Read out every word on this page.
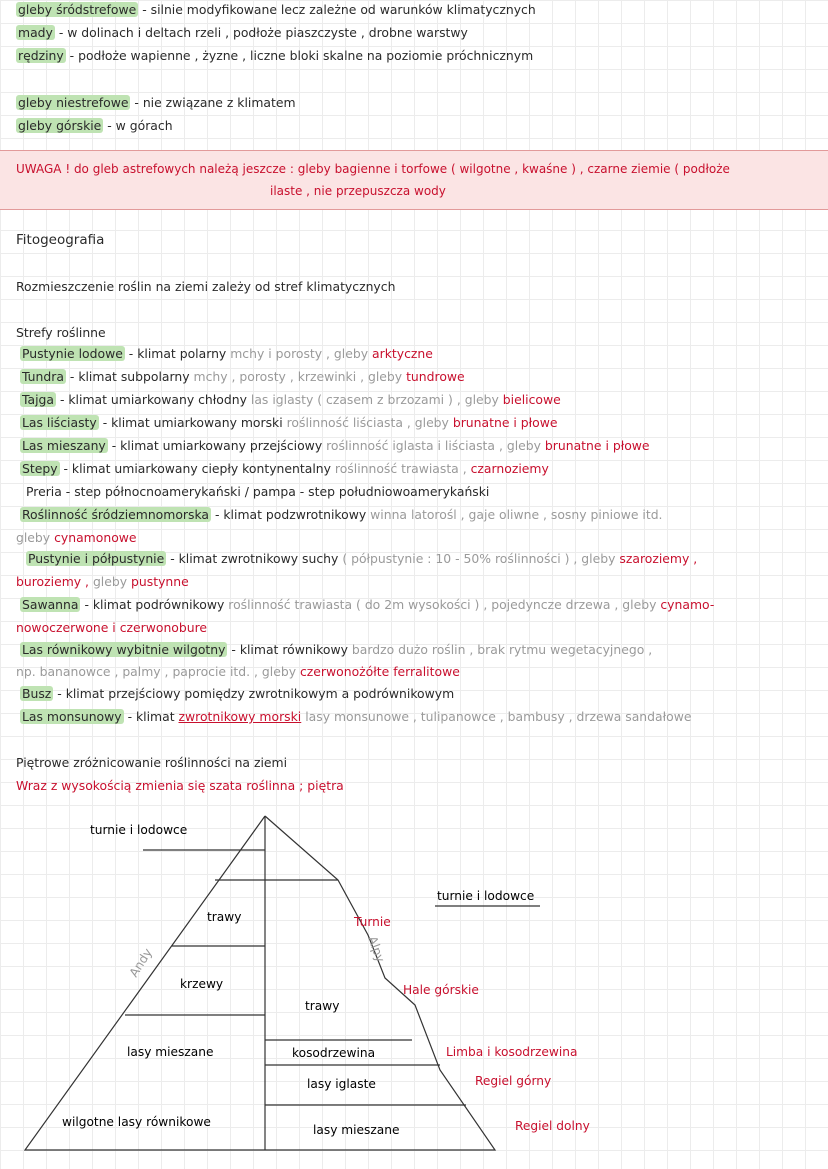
gleby śródstrefowe - silnie modyfikowane lecz zależne od warunków klimatycznych
mady - w dolinach i deltach rzeli , podłoże piaszczyste , drobne warstwy
rędziny - podłoże wapienne , żyzne , liczne bloki skalne na poziomie próchnicznym
gleby niestrefowe - nie związane z klimatem
gleby górskie - w górach
UWAGA ! do gleb astrefowych należą jeszcze : gleby bagienne i torfowe ( wilgotne , kwaśne ) , czarne ziemie ( podłoże
ilaste , nie przepuszcza wody
Fitogeografia
Rozmieszczenie roślin na ziemi zależy od stref klimatycznych
Strefy roślinne
Pustynie lodowe - klimat polarny mchy i porosty , gleby arktyczne
Tundra - klimat subpolarny mchy , porosty , krzewinki , gleby tundrowe
Tajga - klimat umiarkowany chłodny las iglasty ( czasem z brzozami ) , gleby bielicowe
Las liściasty - klimat umiarkowany morski roślinność liściasta , gleby brunatne i płowe
Las mieszany - klimat umiarkowany przejściowy roślinność iglasta i liściasta , gleby brunatne i płowe
Stepy - klimat umiarkowany ciepły kontynentalny roślinność trawiasta , czarnoziemy
Preria - step północnoamerykański / pampa - step południowoamerykański
Roślinność śródziemnomorska - klimat podzwrotnikowy winna latorośl , gaje oliwne , sosny piniowe itd.
gleby cynamonowe
Pustynie i półpustynie - klimat zwrotnikowy suchy ( półpustynie : 10 - 50% roślinności ) , gleby szaroziemy ,
buroziemy , gleby pustynne
Sawanna - klimat podrównikowy roślinność trawiasta ( do 2m wysokości ) , pojedyncze drzewa , gleby cynamo-
nowoczerwone i czerwonobure
Las równikowy wybitnie wilgotny - klimat równikowy bardzo dużo roślin , brak rytmu wegetacyjnego ,
np. bananowce , palmy , paprocie itd. , gleby czerwonożółte ferralitowe
Busz - klimat przejściowy pomiędzy zwrotnikowym a podrównikowym
Las monsunowy - klimat zwrotnikowy morski lasy monsunowe , tulipanowce , bambusy , drzewa sandałowe
Piętrowe zróżnicowanie roślinności na ziemi
Wraz z wysokością zmienia się szata roślinna ; piętra
turnie i lodowce
trawy
krzewy
lasy mieszane
wilgotne lasy równikowe
Andy	Alpy
turnie i lodowce
Turnie
trawy
kosodrzewina
lasy iglaste
lasy mieszane
Hale górskie
Limba i kosodrzewina
Regiel górny
Regiel dolny
